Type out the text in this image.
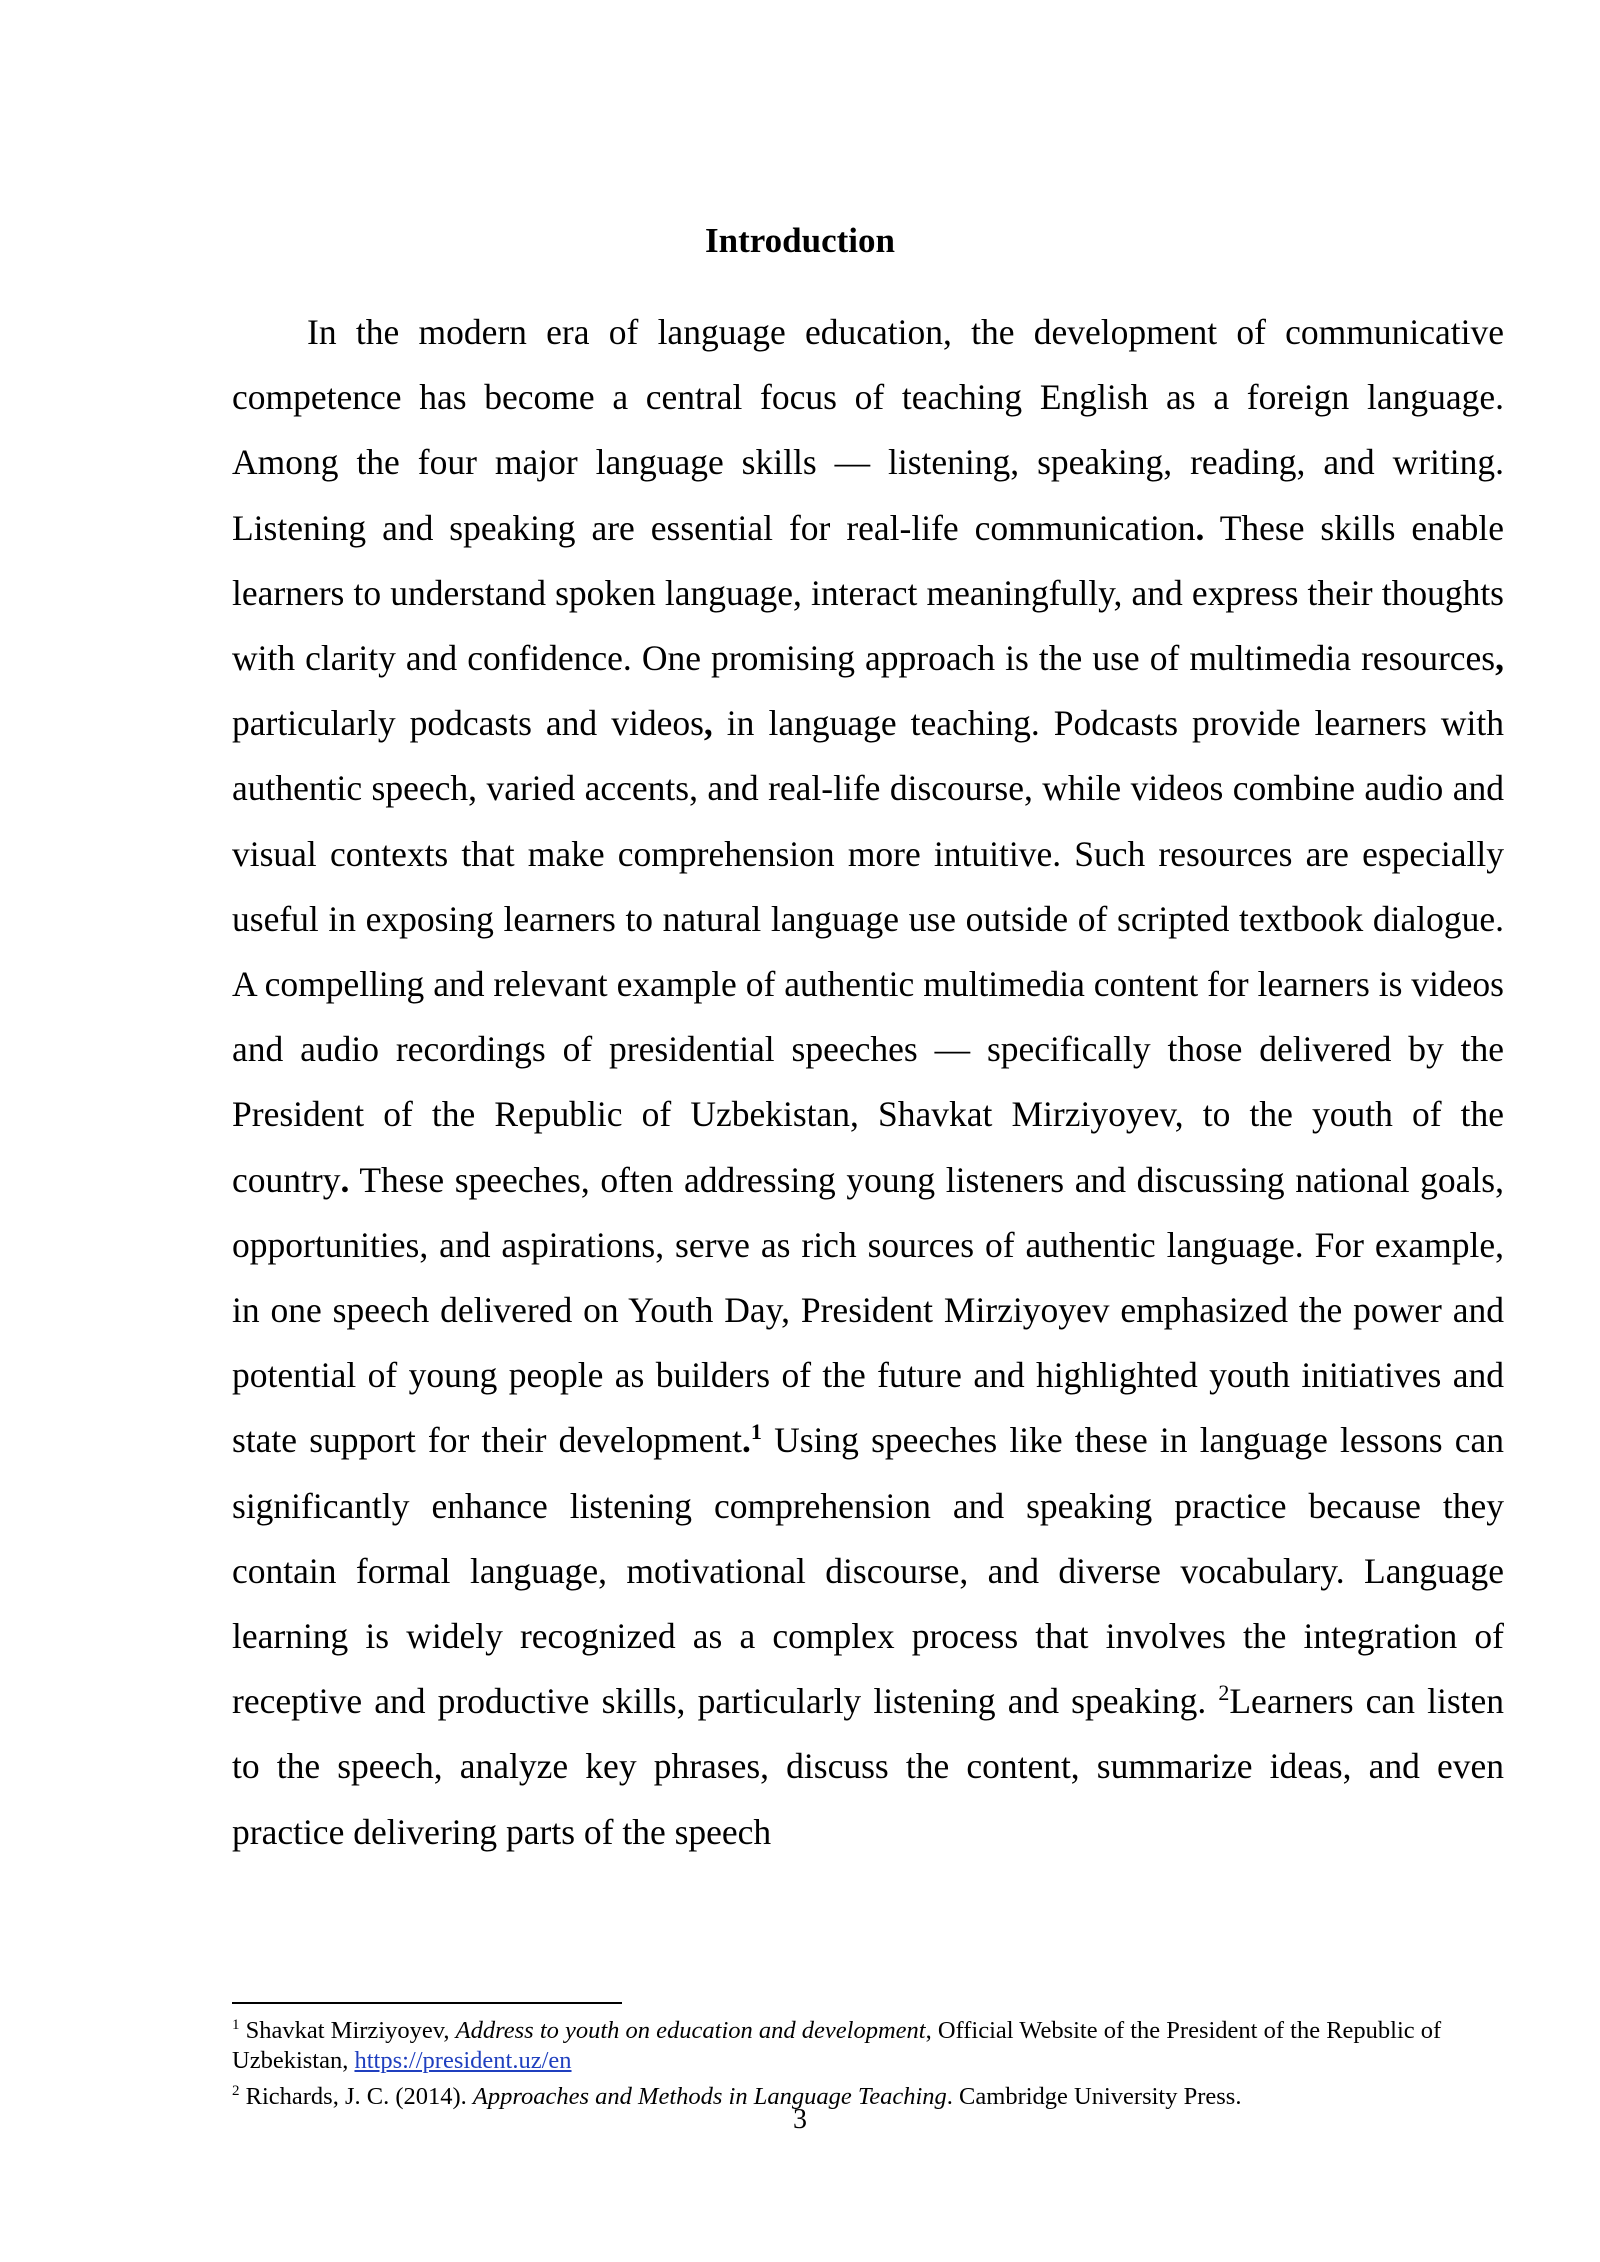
Introduction

In the modern era of language education, the development of communicative competence has become a central focus of teaching English as a foreign language. Among the four major language skills — listening, speaking, reading, and writing. Listening and speaking are essential for real-life communication. These skills enable learners to understand spoken language, interact meaningfully, and express their thoughts with clarity and confidence. One promising approach is the use of multimedia resources, particularly podcasts and videos, in language teaching. Podcasts provide learners with authentic speech, varied accents, and real-life discourse, while videos combine audio and visual contexts that make comprehension more intuitive. Such resources are especially useful in exposing learners to natural language use outside of scripted textbook dialogue. A compelling and relevant example of authentic multimedia content for learners is videos and audio recordings of presidential speeches — specifically those delivered by the President of the Republic of Uzbekistan, Shavkat Mirziyoyev, to the youth of the country. These speeches, often addressing young listeners and discussing national goals, opportunities, and aspirations, serve as rich sources of authentic language. For example, in one speech delivered on Youth Day, President Mirziyoyev emphasized the power and potential of young people as builders of the future and highlighted youth initiatives and state support for their development.$^1$ Using speeches like these in language lessons can significantly enhance listening comprehension and speaking practice because they contain formal language, motivational discourse, and diverse vocabulary. Language learning is widely recognized as a complex process that involves the integration of receptive and productive skills, particularly listening and speaking. $^2$Learners can listen to the speech, analyze key phrases, discuss the content, summarize ideas, and even practice delivering parts of the speech

$^1$ Shavkat Mirziyoyev, Address to youth on education and development, Official Website of the President of the Republic of Uzbekistan, https://president.uz/en

$^2$ Richards, J. C. (2014). Approaches and Methods in Language Teaching. Cambridge University Press.

3
